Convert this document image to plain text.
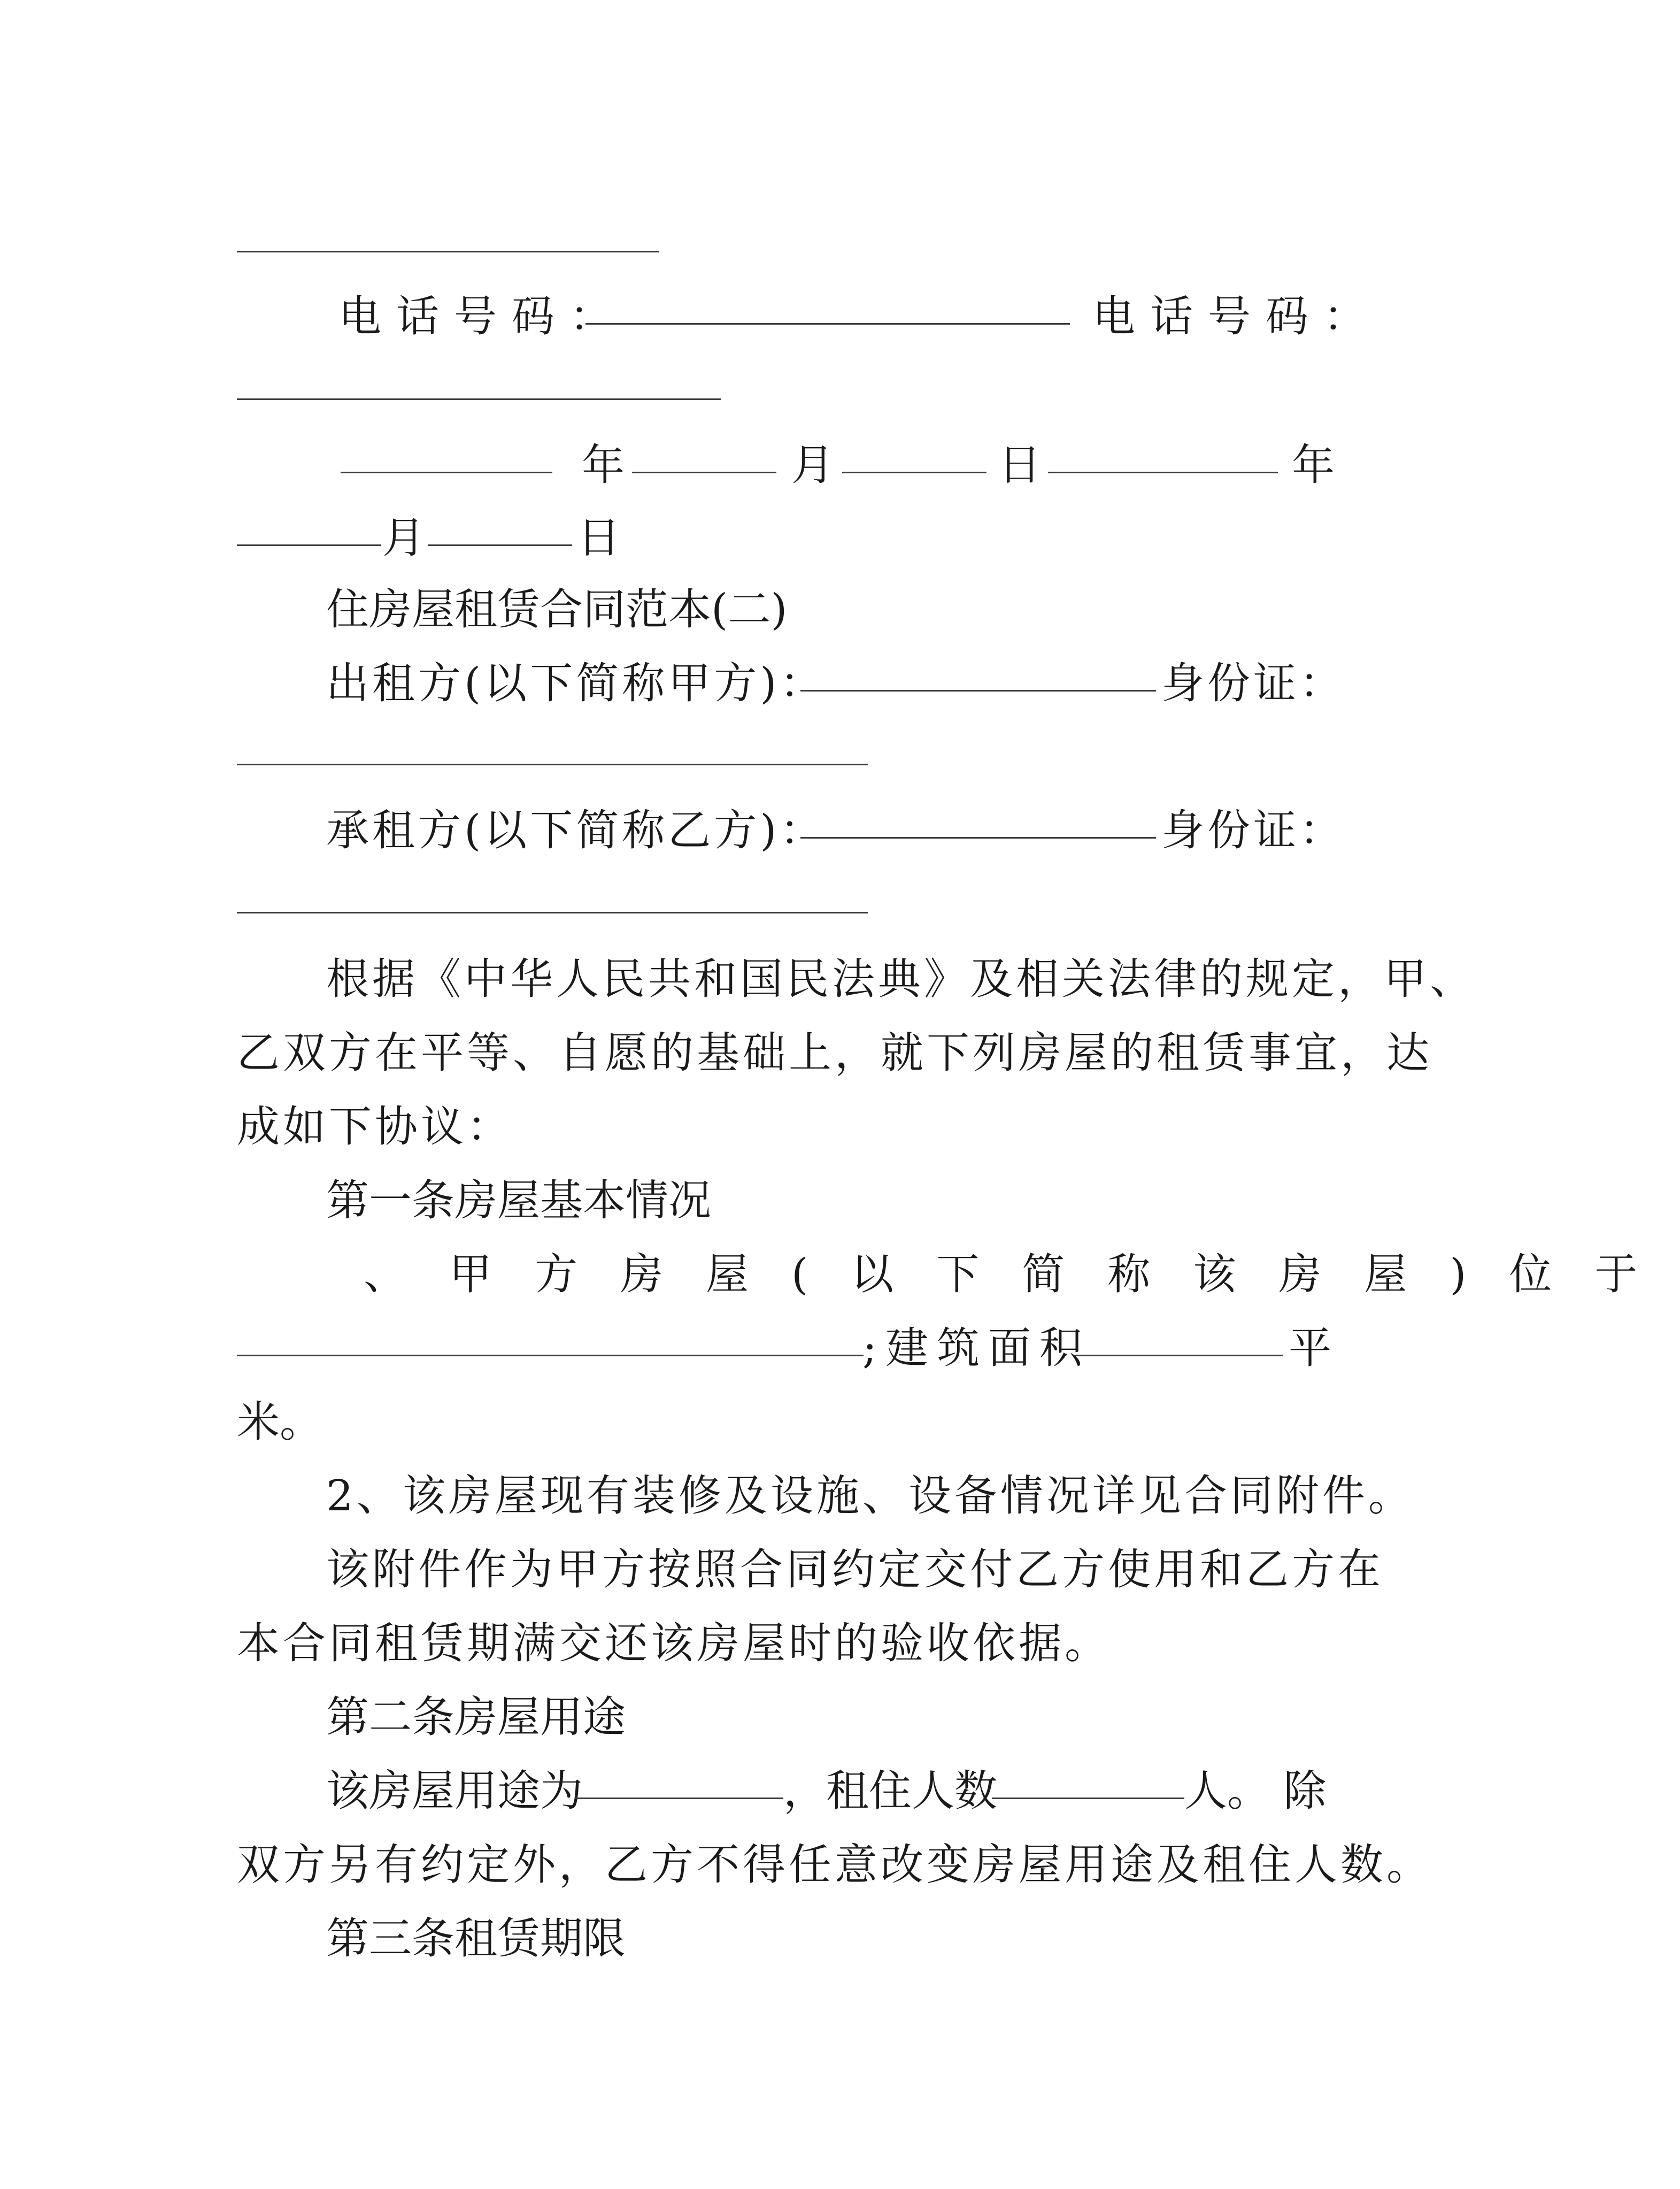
电话号码：	电话号码：
年	月	日	年
月	日
住房屋租赁合同范本(二)
出租方(以下简称甲方)：	身份证：
承租方(以下简称乙方)：	身份证：
根据《中华人民共和国民法典》及相关法律的规定，甲、
乙双方在平等、自愿的基础上，就下列房屋的租赁事宜，达
成如下协议：
第一条房屋基本情况
、甲方房屋(以下简称该房屋)位于
;建筑面积	平
米。
2、该房屋现有装修及设施、设备情况详见合同附件。
该附件作为甲方按照合同约定交付乙方使用和乙方在
本合同租赁期满交还该房屋时的验收依据。
第二条房屋用途
该房屋用途为	，租住人数	人。 除
双方另有约定外，乙方不得任意改变房屋用途及租住人数。
第三条租赁期限
